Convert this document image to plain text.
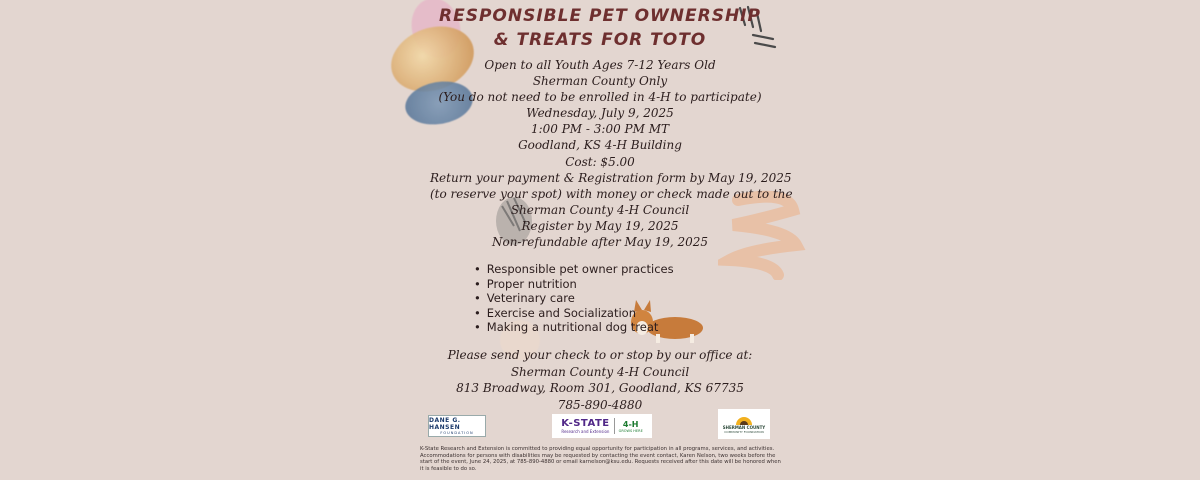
RESPONSIBLE PET OWNERSHIP
& TREATS FOR TOTO
Open to all Youth Ages 7-12 Years Old
Sherman County Only
(You do not need to be enrolled in 4-H to participate)
Wednesday, July 9, 2025
1:00 PM - 3:00 PM MT
Goodland, KS 4-H Building
Cost: $5.00
Return your payment & Registration form by May 19, 2025
(to reserve your spot) with money or check made out to the
Sherman County 4-H Council
Register by May 19, 2025
Non-refundable after May 19, 2025
• Responsible pet owner practices
• Proper nutrition
• Veterinary care
• Exercise and Socialization
• Making a nutritional dog treat
Please send your check to or stop by our office at:
Sherman County 4-H Council
813 Broadway, Room 301, Goodland, KS 67735
785-890-4880
DANE G. HANSEN
FOUNDATION
K-STATE
Research and Extension
4-H
GROWS HERE
SHERMAN COUNTY
COMMUNITY FOUNDATION
K-State Research and Extension is committed to providing equal opportunity for participation in all programs, services, and activities. Accommodations for persons with disabilities may be requested by contacting the event contact, Karen Nelson, two weeks before the start of the event, June 24, 2025, at 785-890-4880 or email karnelson@ksu.edu. Requests received after this date will be honored when it is feasible to do so.
